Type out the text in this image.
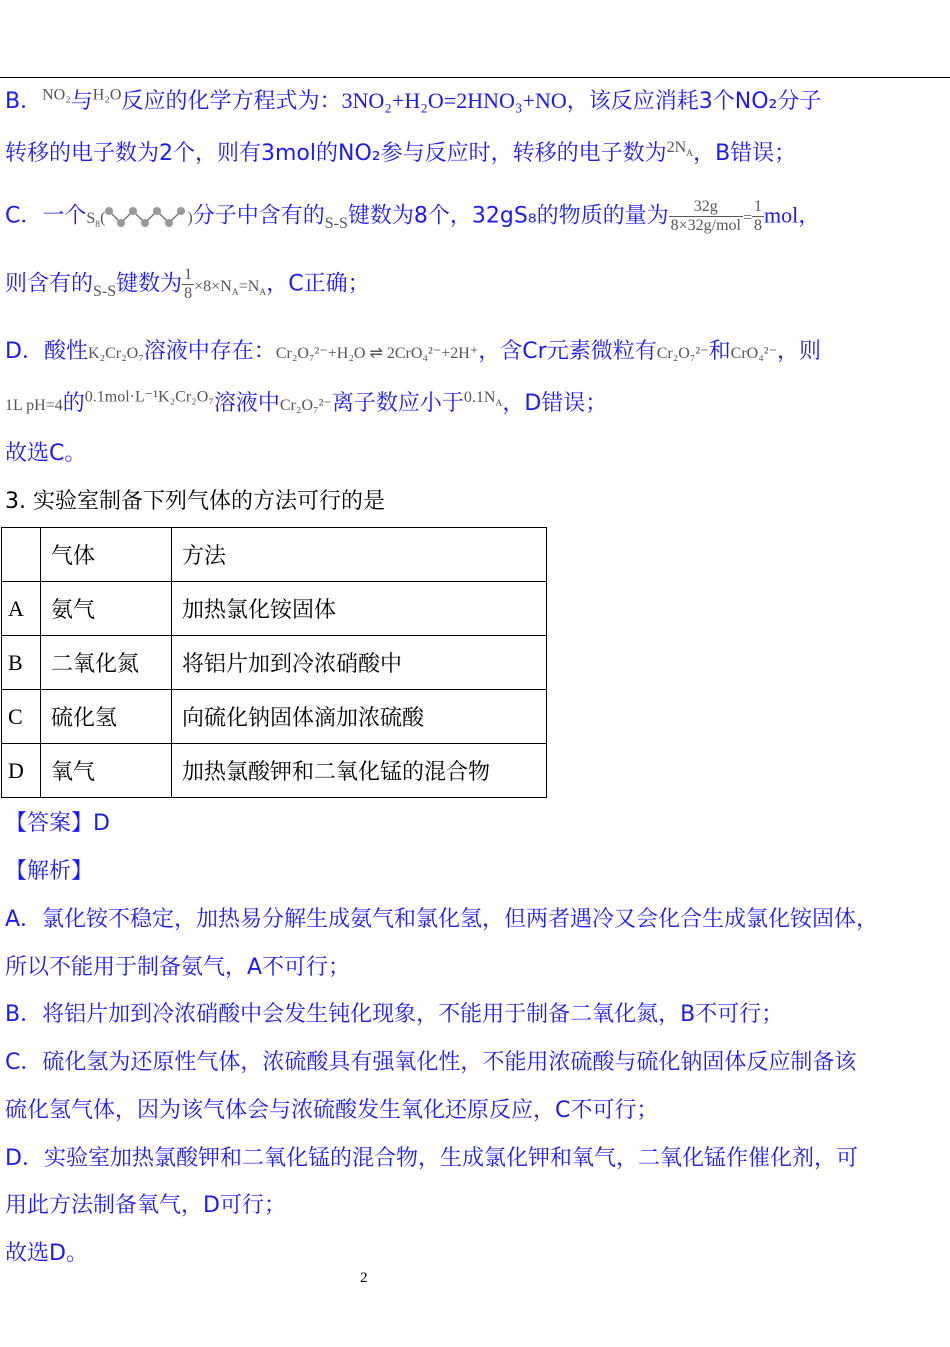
B．$^{NO_2}$与$^{H_2O}$反应的化学方程式为：3NO₂+H₂O=2HNO₃+NO，该反应消耗3个NO₂分子
转移的电子数为2个，则有3mol的NO₂参与反应时，转移的电子数为$^{2N_A}$，B错误；
C．一个$S_8$(	)分子中含有的$_{S-S}$键数为8个，32gS₈的物质的量为 $\frac{32g}{\text{8×32g/mol}} = \frac{1}{8}$ mol，
则含有的$_{S-S}$键数为 $\frac{1}{8} \times 8\times N_A=N_A$，C正确；
D．酸性K₂Cr₂O₇溶液中存在：Cr₂O₇²⁻+H₂O ⇌ 2CrO₄²⁻+2H⁺，含Cr元素微粒有Cr₂O₇²⁻和CrO₄²⁻，则
1L pH=4的$^{0.1mol\cdot L^{-1}K_2Cr_2O_7}$溶液中Cr₂O₇²⁻离子数应小于$^{0.1N_A}$，D错误；
故选C。
3. 实验室制备下列气体的方法可行的是
	气体	方法
A	氨气	加热氯化铵固体
B	二氧化氮	将铝片加到冷浓硝酸中
C	硫化氢	向硫化钠固体滴加浓硫酸
D	氧气	加热氯酸钾和二氧化锰的混合物
【答案】D
【解析】
A．氯化铵不稳定，加热易分解生成氨气和氯化氢，但两者遇冷又会化合生成氯化铵固体，
所以不能用于制备氨气，A不可行；
B．将铝片加到冷浓硝酸中会发生钝化现象，不能用于制备二氧化氮，B不可行；
C．硫化氢为还原性气体，浓硫酸具有强氧化性，不能用浓硫酸与硫化钠固体反应制备该
硫化氢气体，因为该气体会与浓硫酸发生氧化还原反应，C不可行；
D．实验室加热氯酸钾和二氧化锰的混合物，生成氯化钾和氧气，二氧化锰作催化剂，可
用此方法制备氧气，D可行；
故选D。
2
